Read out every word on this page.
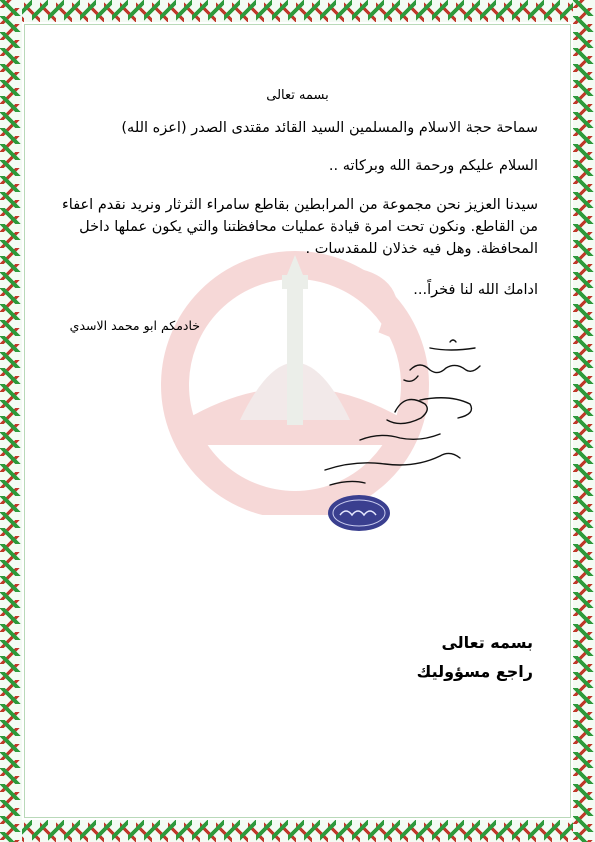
بسمه تعالى
سماحة حجة الاسلام والمسلمين السيد القائد مقتدى الصدر (اعزه الله)
السلام عليكم ورحمة الله وبركاته ..
سيدنا العزيز نحن مجموعة من المرابطين بقاطع سامراء الثرثار ونريد نقدم اعفاء من القاطع. ونكون تحت امرة قيادة عمليات محافظتنا والتي يكون عملها داخل المحافظة. وهل فيه خذلان للمقدسات .
ادامك الله لنا فخراً...
خادمكم ابو محمد الاسدي
بسمه تعالى
راجع مسؤوليك
